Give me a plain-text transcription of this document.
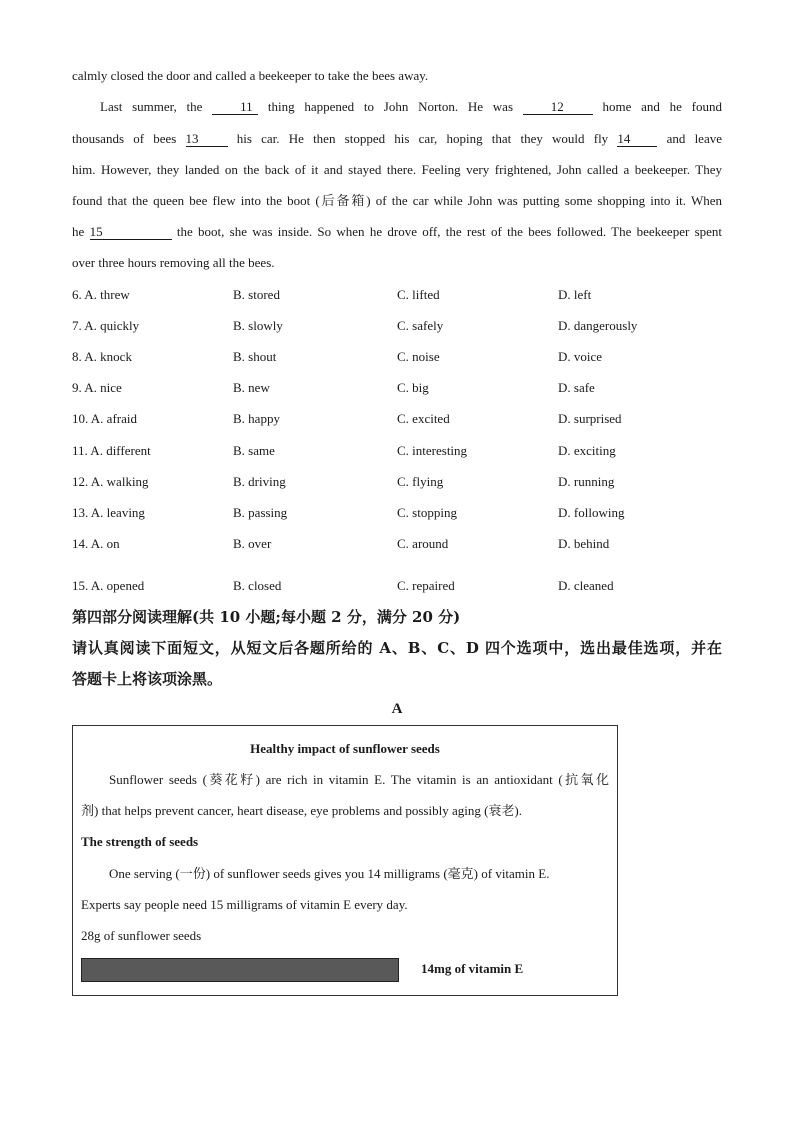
calmly closed the door and called a beekeeper to take the bees away.
Last summer, the	11 thing happened to John Norton. He was	12	home and he found
thousands of bees 13	his car. He then stopped his car, hoping that they would fly 14	and leave
him. However, they landed on the back of it and stayed there. Feeling very frightened, John called a beekeeper. They
found that the queen bee flew into the boot (后备箱) of the car while John was putting some shopping into it. When
he 15	the boot, she was inside. So when he drove off, the rest of the bees followed. The beekeeper spent
over three hours removing all the bees.
6. A. threw	B. stored	C. lifted	D. left
7. A. quickly	B. slowly	C. safely	D. dangerously
8. A. knock	B. shout	C. noise	D. voice
9. A. nice	B. new	C. big	D. safe
10. A. afraid	B. happy	C. excited	D. surprised
11. A. different	B. same	C. interesting	D. exciting
12. A. walking	B. driving	C. flying	D. running
13. A. leaving	B. passing	C. stopping	D. following
14. A. on	B. over	C. around	D. behind
15. A. opened	B. closed	C. repaired	D. cleaned
第四部分阅读理解(共 10 小题;每小题 2 分，满分 20 分)
请认真阅读下面短文，从短文后各题所给的 A、B、C、D 四个选项中，选出最佳选项，并在
答题卡上将该项涂黑。
A
Healthy impact of sunflower seeds
Sunflower seeds (葵花籽) are rich in vitamin E. The vitamin is an antioxidant (抗氧化
剂) that helps prevent cancer, heart disease, eye problems and possibly aging (衰老).
The strength of seeds
One serving (一份) of sunflower seeds gives you 14 milligrams (毫克) of vitamin E.
Experts say people need 15 milligrams of vitamin E every day.
28g of sunflower seeds
14mg of vitamin E
